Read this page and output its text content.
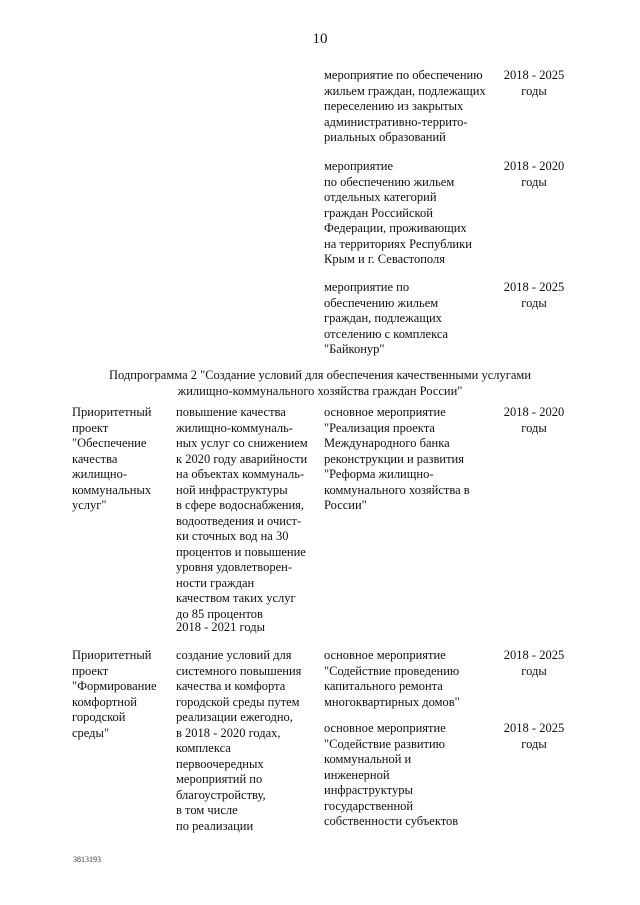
10
мероприятие по обеспечению
жильем граждан, подлежащих
переселению из закрытых
административно-террито-
риальных образований
2018 - 2025
годы
мероприятие
по обеспечению жильем
отдельных категорий
граждан Российской
Федерации, проживающих
на территориях Республики
Крым и г. Севастополя
2018 - 2020
годы
мероприятие по
обеспечению жильем
граждан, подлежащих
отселению с комплекса
"Байконур"
2018 - 2025
годы
Подпрограмма 2 "Создание условий для обеспечения качественными услугами
жилищно-коммунального хозяйства граждан России"
Приоритетный
проект
"Обеспечение
качества
жилищно-
коммунальных
услуг"
повышение качества
жилищно-коммуналь-
ных услуг со снижением
к 2020 году аварийности
на объектах коммуналь-
ной инфраструктуры
в сфере водоснабжения,
водоотведения и очист-
ки сточных вод на 30
процентов и повышение
уровня удовлетворен-
ности граждан
качеством таких услуг
до 85 процентов
2018 - 2021 годы
основное мероприятие
"Реализация проекта
Международного банка
реконструкции и развития
"Реформа жилищно-
коммунального хозяйства в
России"
2018 - 2020
годы
Приоритетный
проект
"Формирование
комфортной
городской
среды"
создание условий для
системного повышения
качества и комфорта
городской среды путем
реализации ежегодно,
в 2018 - 2020 годах,
комплекса
первоочередных
мероприятий по
благоустройству,
в том числе
по реализации
основное мероприятие
"Содействие проведению
капитального ремонта
многоквартирных домов"
2018 - 2025
годы
основное мероприятие
"Содействие развитию
коммунальной и
инженерной
инфраструктуры
государственной
собственности субъектов
2018 - 2025
годы
3813193
